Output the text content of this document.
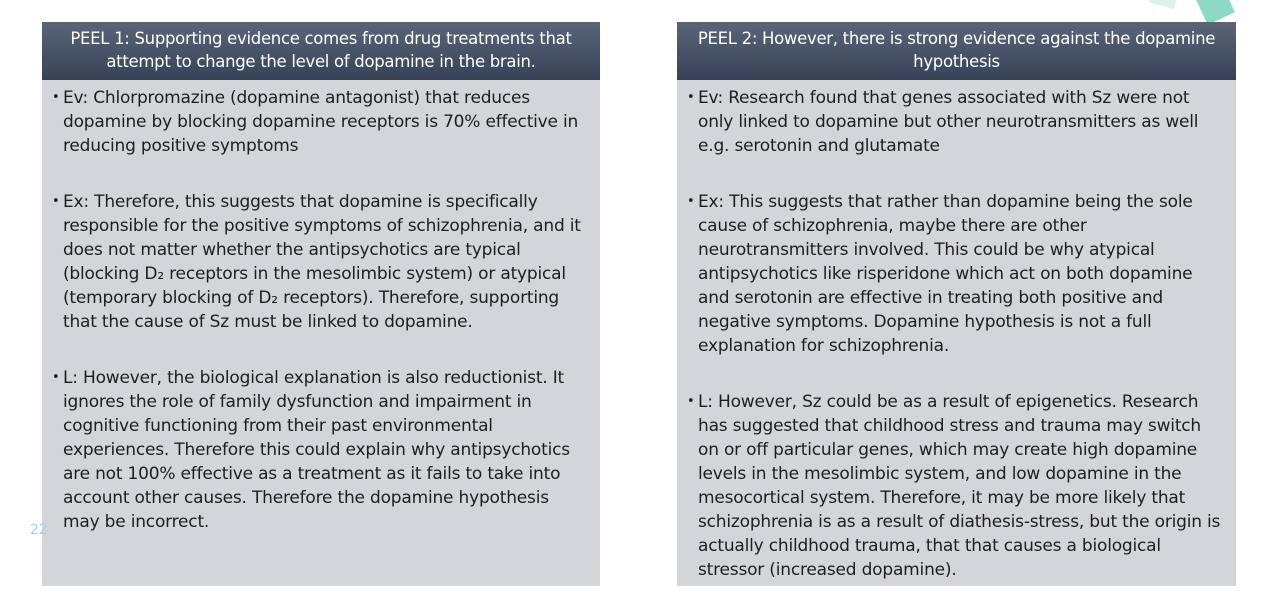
PEEL 1: Supporting evidence comes from drug treatments that attempt to change the level of dopamine in the brain.
• Ev: Chlorpromazine (dopamine antagonist) that reduces dopamine by blocking dopamine receptors is 70% effective in reducing positive symptoms
• Ex: Therefore, this suggests that dopamine is specifically responsible for the positive symptoms of schizophrenia, and it does not matter whether the antipsychotics are typical (blocking D₂ receptors in the mesolimbic system) or atypical (temporary blocking of D₂ receptors). Therefore, supporting that the cause of Sz must be linked to dopamine.
• L: However, the biological explanation is also reductionist. It ignores the role of family dysfunction and impairment in cognitive functioning from their past environmental experiences. Therefore this could explain why antipsychotics are not 100% effective as a treatment as it fails to take into account other causes. Therefore the dopamine hypothesis may be incorrect.
PEEL 2: However, there is strong evidence against the dopamine hypothesis
• Ev: Research found that genes associated with Sz were not only linked to dopamine but other neurotransmitters as well e.g. serotonin and glutamate
• Ex: This suggests that rather than dopamine being the sole cause of schizophrenia, maybe there are other neurotransmitters involved. This could be why atypical antipsychotics like risperidone which act on both dopamine and serotonin are effective in treating both positive and negative symptoms. Dopamine hypothesis is not a full explanation for schizophrenia.
• L: However, Sz could be as a result of epigenetics. Research has suggested that childhood stress and trauma may switch on or off particular genes, which may create high dopamine levels in the mesolimbic system, and low dopamine in the mesocortical system. Therefore, it may be more likely that schizophrenia is as a result of diathesis-stress, but the origin is actually childhood trauma, that that causes a biological stressor (increased dopamine).
22
